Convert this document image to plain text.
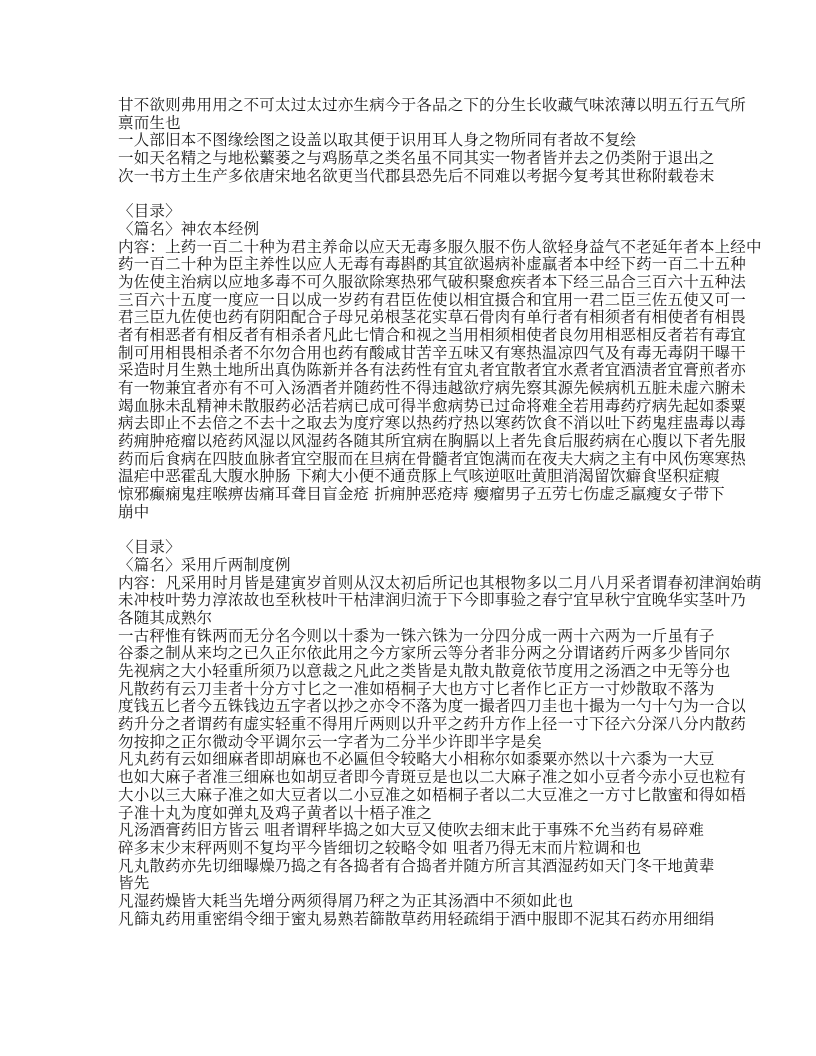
甘不欲则弗用用之不可太过太过亦生病今于各品之下的分生长收藏气味浓薄以明五行五气所
禀而生也
一人部旧本不图缘绘图之设盖以取其便于识用耳人身之物所同有者故不复绘
一如天名精之与地松蘩蒌之与鸡肠草之类名虽不同其实一物者皆并去之仍类附于退出之
次一书方土生产多依唐宋地名欲更当代郡县恐先后不同难以考据今复考其世称附载卷末
〈目录〉
〈篇名〉神农本经例
内容：上药一百二十种为君主养命以应天无毒多服久服不伤人欲轻身益气不老延年者本上经中
药一百二十种为臣主养性以应人无毒有毒斟酌其宜欲遏病补虚羸者本中经下药一百二十五种
为佐使主治病以应地多毒不可久服欲除寒热邪气破积聚愈疾者本下经三品合三百六十五种法
三百六十五度一度应一日以成一岁药有君臣佐使以相宜摄合和宜用一君二臣三佐五使又可一
君三臣九佐使也药有阴阳配合子母兄弟根茎花实草石骨肉有单行者有相须者有相使者有相畏
者有相恶者有相反者有相杀者凡此七情合和视之当用相须相使者良勿用相恶相反者若有毒宜
制可用相畏相杀者不尔勿合用也药有酸咸甘苦辛五味又有寒热温凉四气及有毒无毒阴干曝干
采造时月生熟土地所出真伪陈新并各有法药性有宜丸者宜散者宜水煮者宜酒渍者宜膏煎者亦
有一物兼宜者亦有不可入汤酒者并随药性不得违越欲疗病先察其源先候病机五脏未虚六腑未
竭血脉未乱精神未散服药必活若病已成可得半愈病势已过命将难全若用毒药疗病先起如黍粟
病去即止不去倍之不去十之取去为度疗寒以热药疗热以寒药饮食不消以吐下药鬼疰蛊毒以毒
药痈肿疮瘤以疮药风湿以风湿药各随其所宜病在胸膈以上者先食后服药病在心腹以下者先服
药而后食病在四肢血脉者宜空服而在旦病在骨髓者宜饱满而在夜夫大病之主有中风伤寒寒热
温疟中恶霍乱大腹水肿肠 下痢大小便不通贲豚上气咳逆呕吐黄胆消渴留饮癖食坚积症瘕
惊邪癫痫鬼疰喉痹齿痛耳聋目盲金疮 折痈肿恶疮痔 瘿瘤男子五劳七伤虚乏羸瘦女子带下
崩中
〈目录〉
〈篇名〉采用斤两制度例
内容：凡采用时月皆是建寅岁首则从汉太初后所记也其根物多以二月八月采者谓春初津润始萌
未冲枝叶势力淳浓故也至秋枝叶干枯津润归流于下今即事验之春宁宜早秋宁宜晚华实茎叶乃
各随其成熟尔
一古秤惟有铢两而无分名今则以十黍为一铢六铢为一分四分成一两十六两为一斤虽有子
谷黍之制从来均之已久正尔依此用之今方家所云等分者非分两之分谓诸药斤两多少皆同尔
先视病之大小轻重所须乃以意裁之凡此之类皆是丸散丸散竟依节度用之汤酒之中无等分也
凡散药有云刀圭者十分方寸匕之一准如梧桐子大也方寸匕者作匕正方一寸炒散取不落为
度钱五匕者今五铢钱边五字者以抄之亦令不落为度一撮者四刀圭也十撮为一勺十勺为一合以
药升分之者谓药有虚实轻重不得用斤两则以升平之药升方作上径一寸下径六分深八分内散药
勿按抑之正尔微动令平调尔云一字者为二分半少许即半字是矣
凡丸药有云如细麻者即胡麻也不必匾但令较略大小相称尔如黍粟亦然以十六黍为一大豆
也如大麻子者准三细麻也如胡豆者即今青斑豆是也以二大麻子准之如小豆者今赤小豆也粒有
大小以三大麻子准之如大豆者以二小豆准之如梧桐子者以二大豆准之一方寸匕散蜜和得如梧
子准十丸为度如弹丸及鸡子黄者以十梧子准之
凡汤酒膏药旧方皆云 咀者谓秤毕捣之如大豆又使吹去细末此于事殊不允当药有易碎难
碎多末少末秤两则不复均平今皆细切之较略令如 咀者乃得无末而片粒调和也
凡丸散药亦先切细曝燥乃捣之有各捣者有合捣者并随方所言其酒湿药如天门冬干地黄辈
皆先
凡湿药燥皆大耗当先增分两须得屑乃秤之为正其汤酒中不须如此也
凡篩丸药用重密绢令细于蜜丸易熟若篩散草药用轻疏绢于酒中服即不泥其石药亦用细绢
